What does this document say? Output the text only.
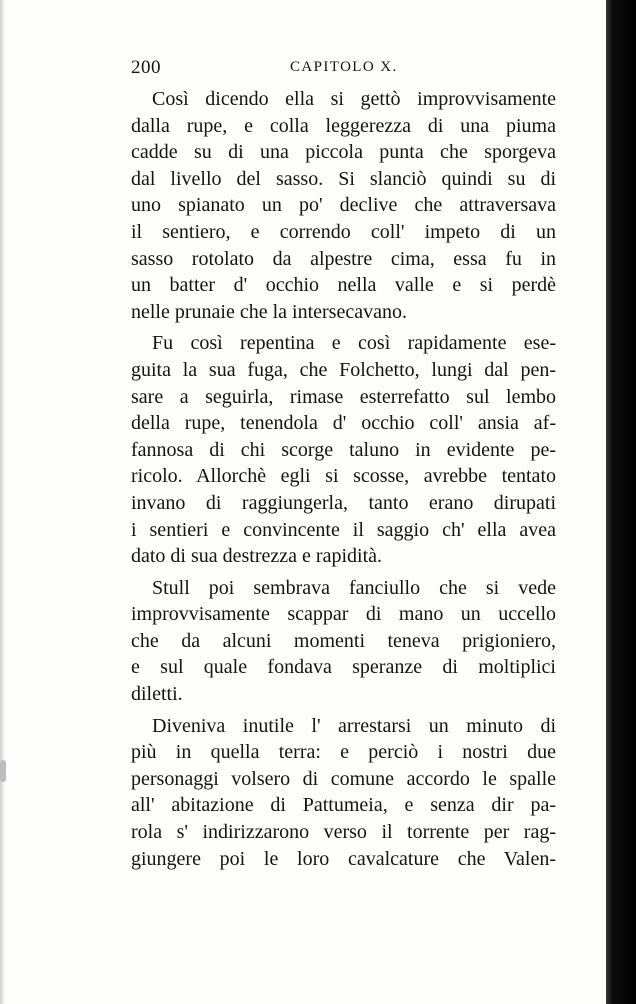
200	CAPITOLO X.
Così dicendo ella si gettò improvvisamente
dalla rupe, e colla leggerezza di una piuma
cadde su di una piccola punta che sporgeva
dal livello del sasso. Si slanciò quindi su di
uno spianato un po' declive che attraversava
il sentiero, e correndo coll' impeto di un
sasso rotolato da alpestre cima, essa fu in
un batter d' occhio nella valle e si perdè
nelle prunaie che la intersecavano.
Fu così repentina e così rapidamente ese-
guita la sua fuga, che Folchetto, lungi dal pen-
sare a seguirla, rimase esterrefatto sul lembo
della rupe, tenendola d' occhio coll' ansia af-
fannosa di chi scorge taluno in evidente pe-
ricolo. Allorchè egli si scosse, avrebbe tentato
invano di raggiungerla, tanto erano dirupati
i sentieri e convincente il saggio ch' ella avea
dato di sua destrezza e rapidità.
Stull poi sembrava fanciullo che si vede
improvvisamente scappar di mano un uccello
che da alcuni momenti teneva prigioniero,
e sul quale fondava speranze di moltiplici
diletti.
Diveniva inutile l' arrestarsi un minuto di
più in quella terra: e perciò i nostri due
personaggi volsero di comune accordo le spalle
all' abitazione di Pattumeia, e senza dir pa-
rola s' indirizzarono verso il torrente per rag-
giungere poi le loro cavalcature che Valen-
